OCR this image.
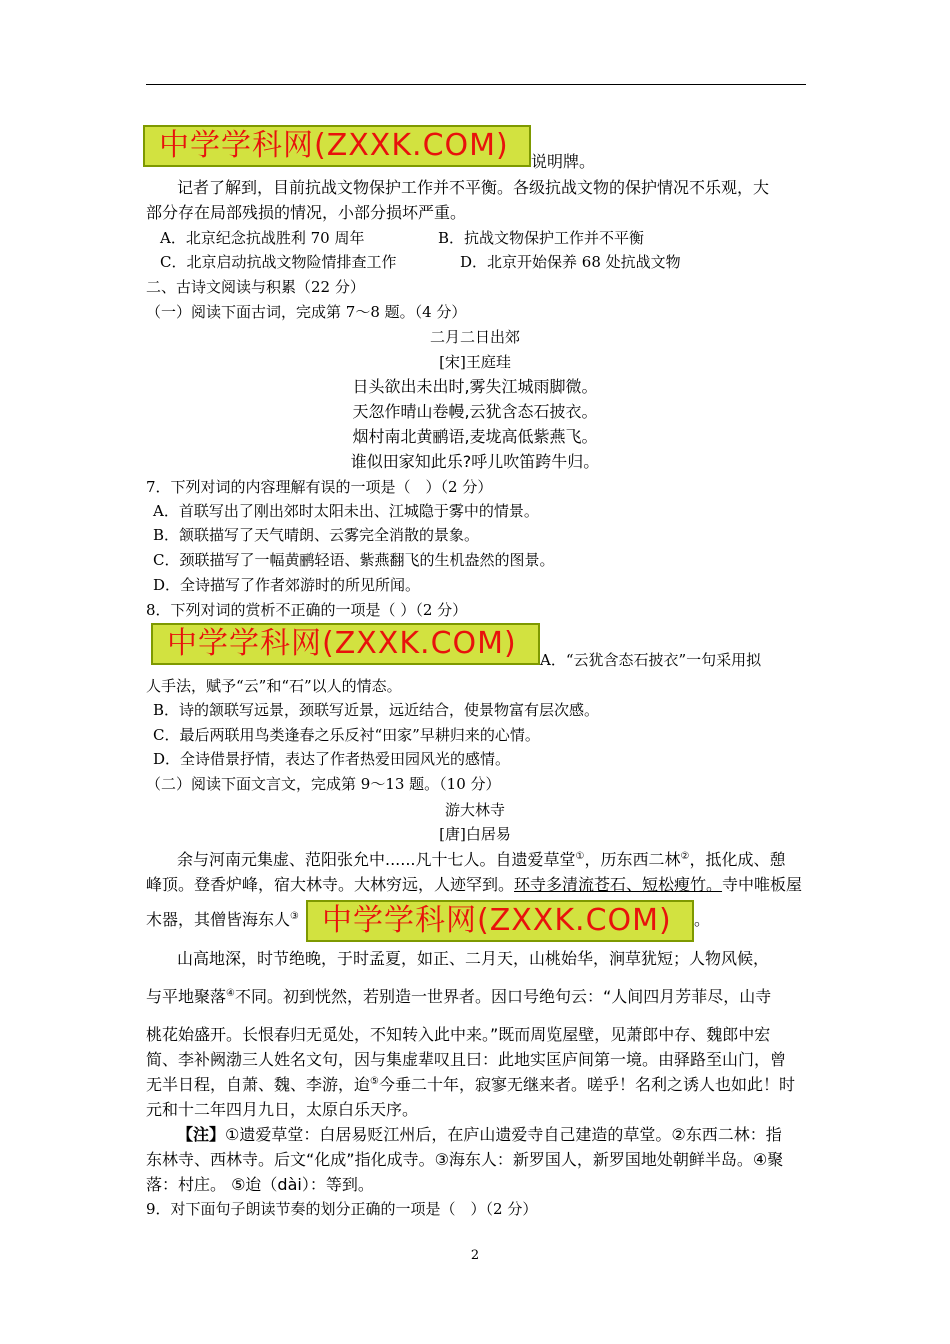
中学学科网(ZXXK.COM)	说明牌。
记者了解到，目前抗战文物保护工作并不平衡。各级抗战文物的保护情况不乐观，大
部分存在局部残损的情况，小部分损坏严重。
A．北京纪念抗战胜利 70 周年	B．抗战文物保护工作并不平衡
C．北京启动抗战文物险情排查工作	D．北京开始保养 68 处抗战文物
二、古诗文阅读与积累（22 分）
（一）阅读下面古词，完成第 7～8 题。（4 分）
二月二日出郊
[宋]王庭珪
日头欲出未出时,雾失江城雨脚微。
天忽作晴山卷幔,云犹含态石披衣。
烟村南北黄鹂语,麦垅高低紫燕飞。
谁似田家知此乐?呼儿吹笛跨牛归。
7．下列对词的内容理解有误的一项是（　）（2 分）
A．首联写出了刚出郊时太阳未出、江城隐于雾中的情景。
B．颔联描写了天气晴朗、云雾完全消散的景象。
C．颈联描写了一幅黄鹂轻语、紫燕翻飞的生机盎然的图景。
D．全诗描写了作者郊游时的所见所闻。
8．下列对词的赏析不正确的一项是（ ）（2 分）
中学学科网(ZXXK.COM)	A．“云犹含态石披衣”一句采用拟
人手法，赋予“云”和“石”以人的情态。
B．诗的颔联写远景，颈联写近景，远近结合，使景物富有层次感。
C．最后两联用鸟类逢春之乐反衬“田家”早耕归来的心情。
D．全诗借景抒情，表达了作者热爱田园风光的感情。
（二）阅读下面文言文，完成第 9～13 题。（10 分）
游大林寺
[唐]白居易
余与河南元集虚、范阳张允中......凡十七人。自遗爱草堂①，历东西二林②，抵化成、憩
峰顶。登香炉峰，宿大林寺。大林穷远，人迹罕到。环寺多清流苍石、短松瘦竹。寺中唯板屋
木器，其僧皆海东人③ 中学学科网(ZXXK.COM)	。
山高地深，时节绝晚，于时孟夏，如正、二月天，山桃始华，涧草犹短；人物风候，
与平地聚落④不同。初到恍然，若别造一世界者。因口号绝句云：“人间四月芳菲尽，山寺
桃花始盛开。长恨春归无觅处，不知转入此中来。”既而周览屋壁，见萧郎中存、魏郎中宏
简、李补阙渤三人姓名文句，因与集虚辈叹且曰：此地实匡庐间第一境。由驿路至山门，曾
无半日程，自萧、魏、李游，迨⑤今垂二十年，寂寥无继来者。嗟乎！名利之诱人也如此！时
元和十二年四月九日，太原白乐天序。
【注】①遗爱草堂：白居易贬江州后，在庐山遗爱寺自己建造的草堂。②东西二林：指
东林寺、西林寺。后文“化成”指化成寺。③海东人：新罗国人，新罗国地处朝鲜半岛。④聚
落：村庄。 ⑤迨（dài）：等到。
9．对下面句子朗读节奏的划分正确的一项是（　）（2 分）
2
